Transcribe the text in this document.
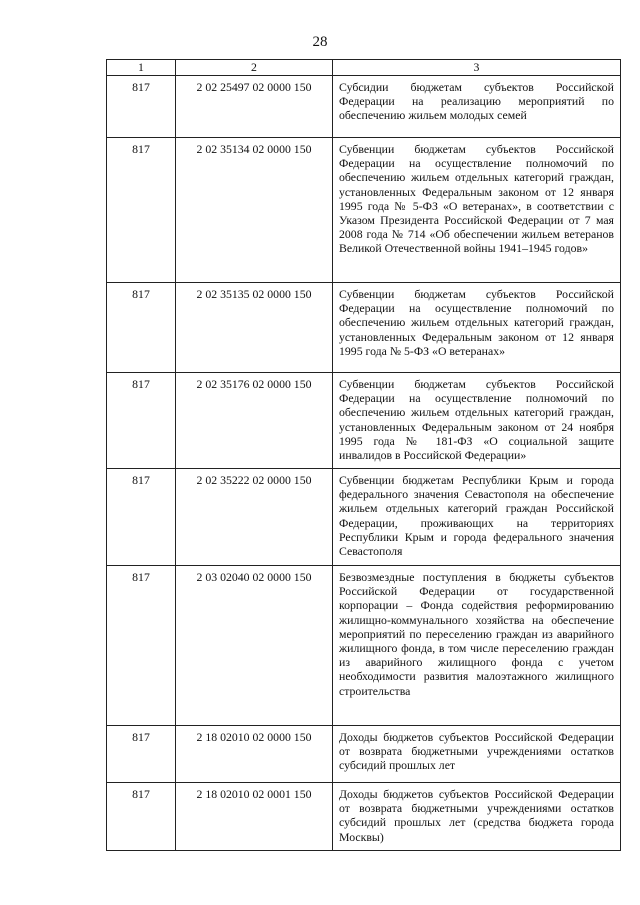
28
1	2	3
817	2 02 25497 02 0000 150	Субсидии бюджетам субъектов Российской Федерации на реализацию мероприятий по обеспечению жильем молодых семей
817	2 02 35134 02 0000 150	Субвенции бюджетам субъектов Российской Федерации на осуществление полномочий по обеспечению жильем отдельных категорий граждан, установленных Федеральным законом от 12 января 1995 года № 5-ФЗ «О ветеранах», в соответствии с Указом Президента Российской Федерации от 7 мая 2008 года № 714 «Об обеспечении жильем ветеранов Великой Отечественной войны 1941–1945 годов»
817	2 02 35135 02 0000 150	Субвенции бюджетам субъектов Российской Федерации на осуществление полномочий по обеспечению жильем отдельных категорий граждан, установленных Федеральным законом от 12 января 1995 года № 5-ФЗ «О ветеранах»
817	2 02 35176 02 0000 150	Субвенции бюджетам субъектов Российской Федерации на осуществление полномочий по обеспечению жильем отдельных категорий граждан, установленных Федеральным законом от 24 ноября 1995 года № 181-ФЗ «О социальной защите инвалидов в Российской Федерации»
817	2 02 35222 02 0000 150	Субвенции бюджетам Республики Крым и города федерального значения Севастополя на обеспечение жильем отдельных категорий граждан Российской Федерации, проживающих на территориях Республики Крым и города федерального значения Севастополя
817	2 03 02040 02 0000 150	Безвозмездные поступления в бюджеты субъектов Российской Федерации от государственной корпорации – Фонда содействия реформированию жилищно-коммунального хозяйства на обеспечение мероприятий по переселению граждан из аварийного жилищного фонда, в том числе переселению граждан из аварийного жилищного фонда с учетом необходимости развития малоэтажного жилищного строительства
817	2 18 02010 02 0000 150	Доходы бюджетов субъектов Российской Федерации от возврата бюджетными учреждениями остатков субсидий прошлых лет
817	2 18 02010 02 0001 150	Доходы бюджетов субъектов Российской Федерации от возврата бюджетными учреждениями остатков субсидий прошлых лет (средства бюджета города Москвы)
